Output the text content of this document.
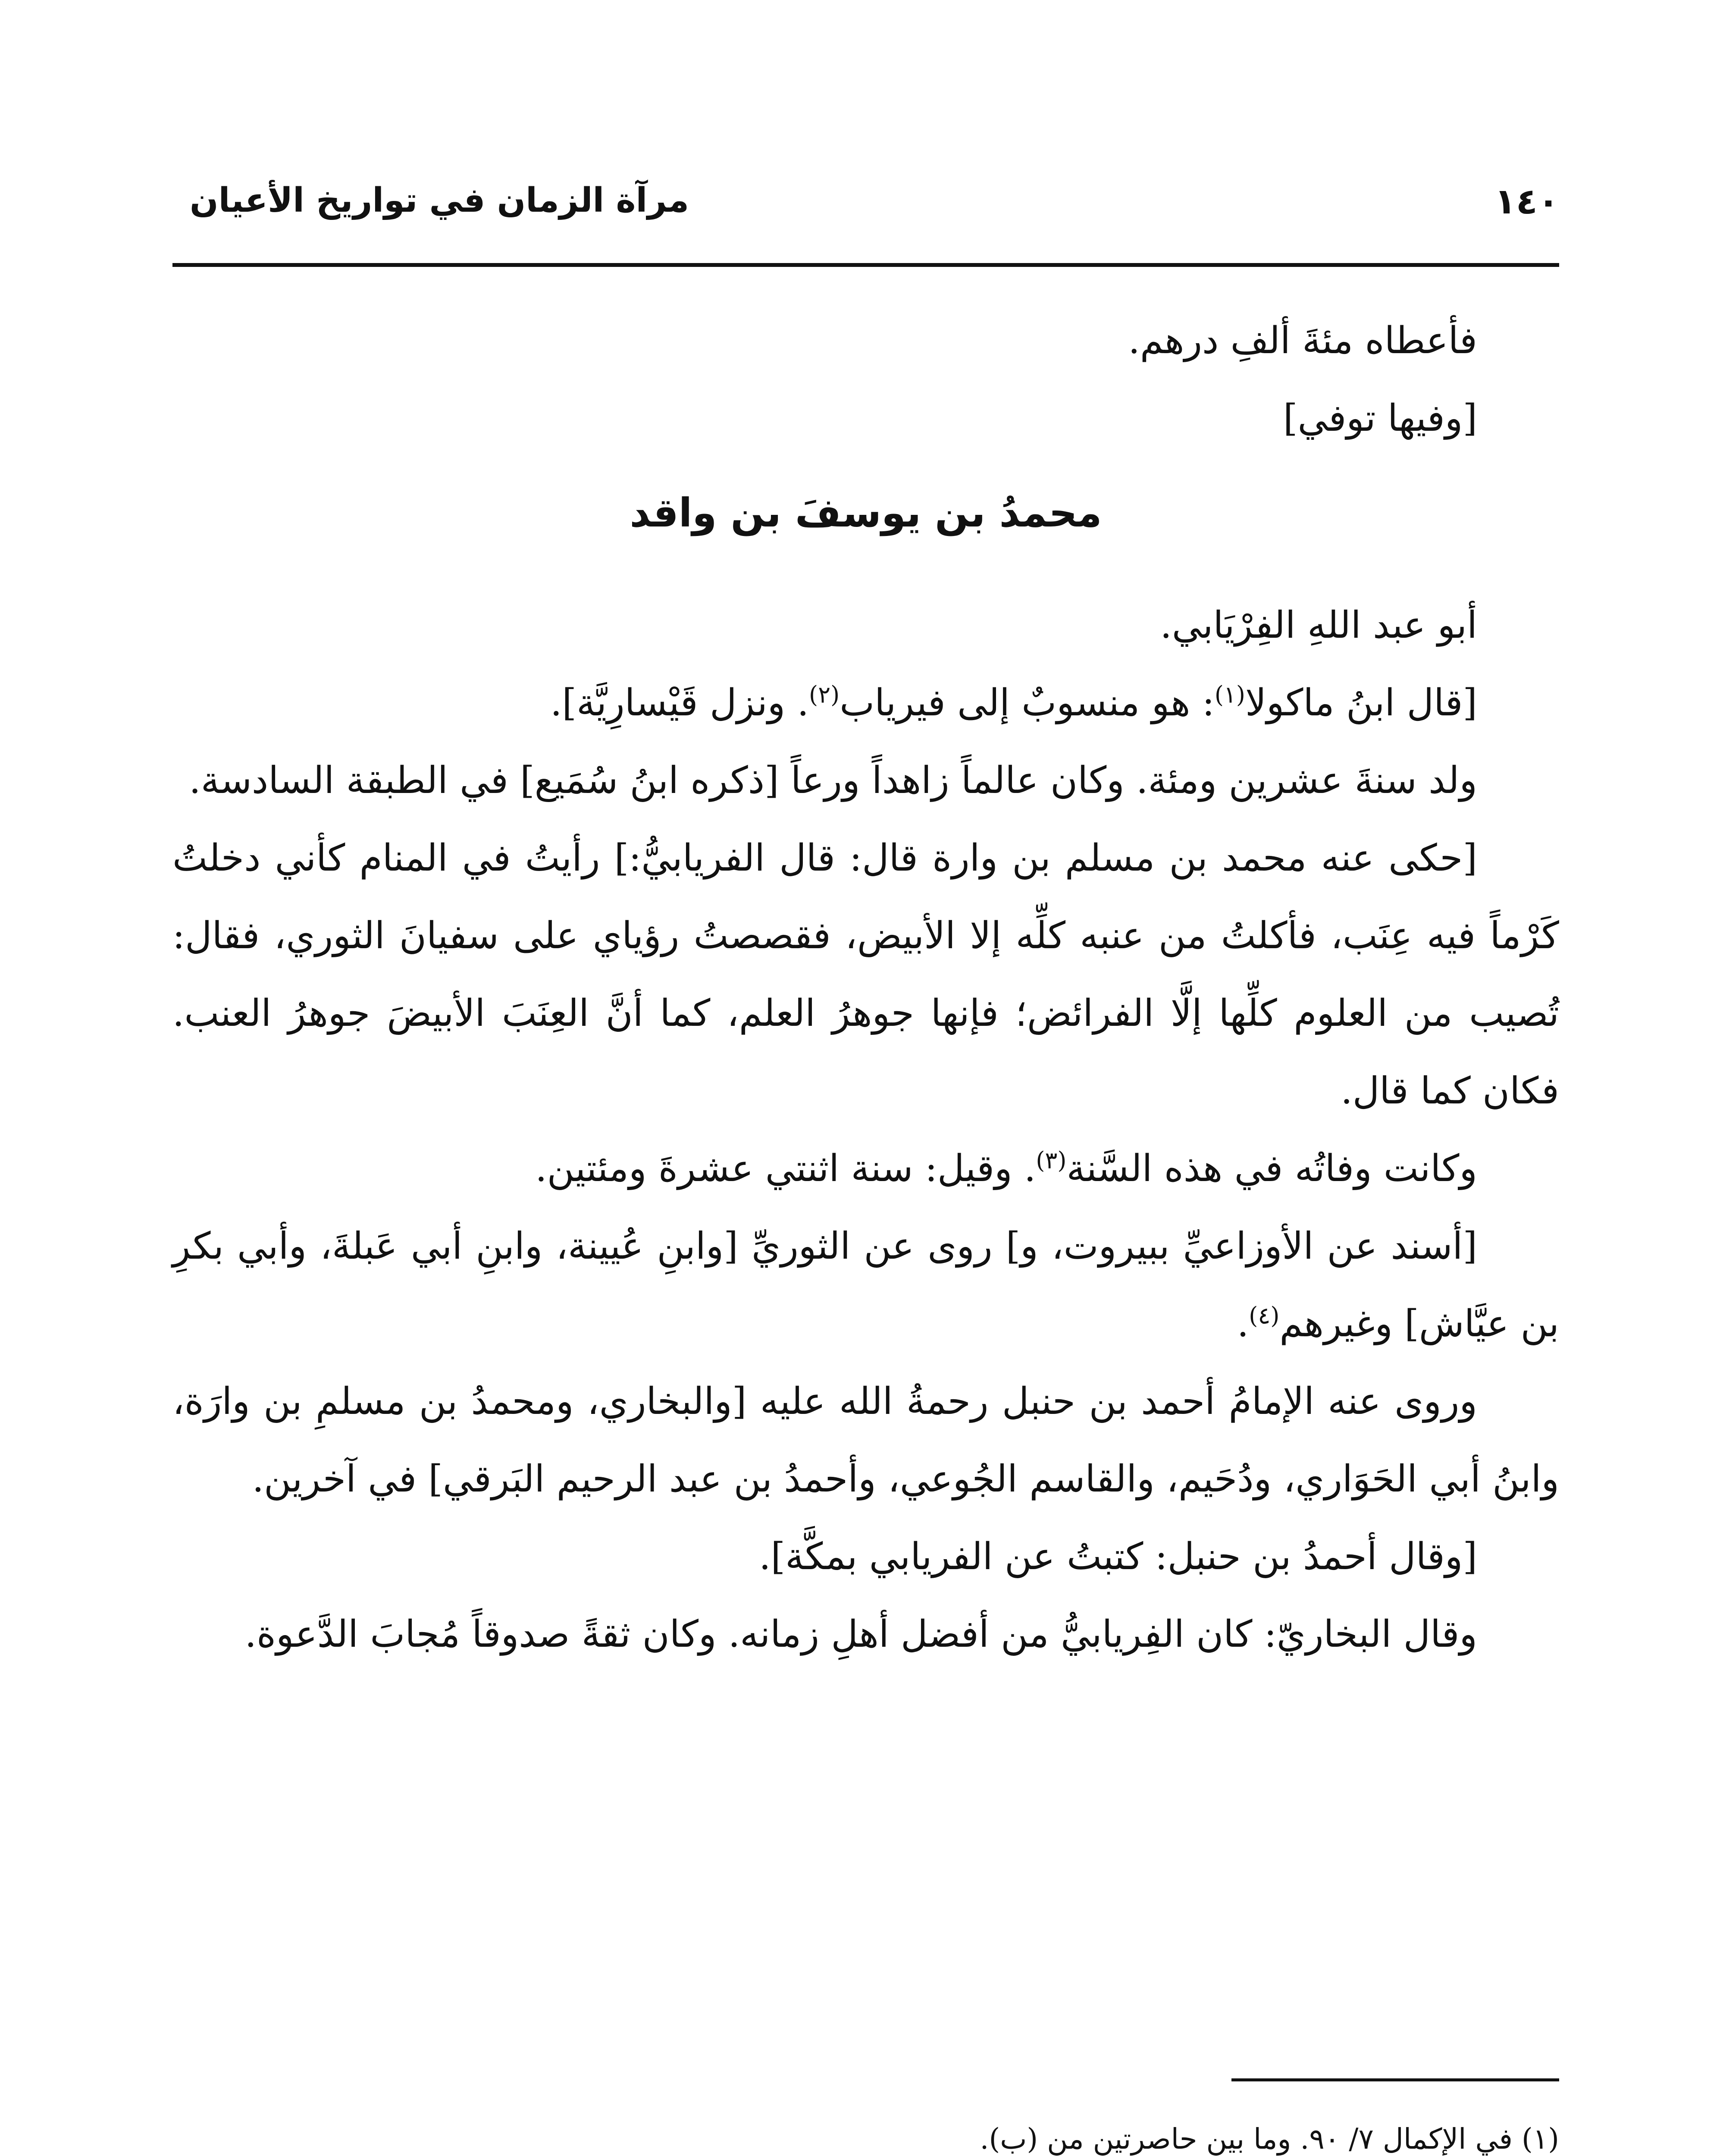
١٤٠
مرآة الزمان في تواريخ الأعيان

فأعطاه مئةَ ألفِ درهم.

[وفيها توفي]

محمدُ بن يوسفَ بن واقد

أبو عبد اللهِ الفِرْيَابي.

[قال ابنُ ماكولا$^{(١)}$: هو منسوبٌ إلى فيرياب$^{(٢)}$. ونزل قَيْسارِيَّة].

ولد سنةَ عشرين ومئة. وكان عالماً زاهداً ورعاً [ذكره ابنُ سُمَيع] في الطبقة السادسة.

[حكى عنه محمد بن مسلم بن وارة قال: قال الفريابيُّ:] رأيتُ في المنام كأني دخلتُ كَرْماً فيه عِنَب، فأكلتُ من عنبه كلِّه إلا الأبيض، فقصصتُ رؤياي على سفيانَ الثوري، فقال: تُصيب من العلوم كلِّها إلَّا الفرائض؛ فإنها جوهرُ العلم، كما أنَّ العِنَبَ الأبيضَ جوهرُ العنب. فكان كما قال.

وكانت وفاتُه في هذه السَّنة$^{(٣)}$. وقيل: سنة اثنتي عشرةَ ومئتين.

[أسند عن الأوزاعيِّ ببيروت، و] روى عن الثوريِّ [وابنِ عُيينة، وابنِ أبي عَبلةَ، وأبي بكرِ بن عيَّاش] وغيرهم$^{(٤)}$.

وروى عنه الإمامُ أحمد بن حنبل رحمةُ الله عليه [والبخاري، ومحمدُ بن مسلمِ بن وارَة، وابنُ أبي الحَوَاري، ودُحَيم، والقاسم الجُوعي، وأحمدُ بن عبد الرحيم البَرقي] في آخرين.

[وقال أحمدُ بن حنبل: كتبتُ عن الفريابي بمكَّة].

وقال البخاريّ: كان الفِريابيُّ من أفضل أهلِ زمانه. وكان ثقةً صدوقاً مُجابَ الدَّعوة.

(١) في الإكمال ٧/ ٩٠. وما بين حاصرتين من (ب).
